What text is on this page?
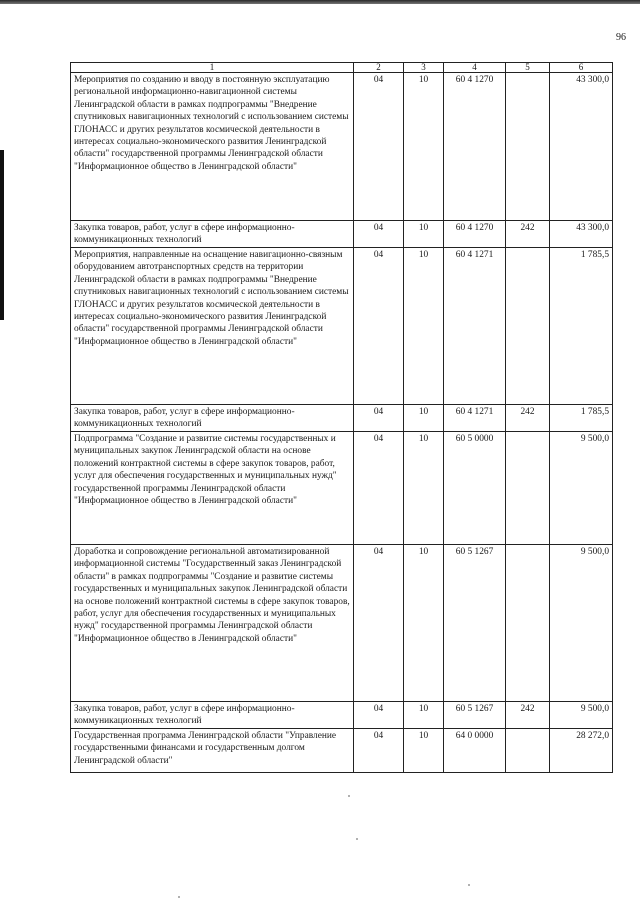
96
1	2	3	4	5	6
Мероприятия по созданию и вводу в постоянную эксплуатацию региональной информационно-навигационной системы Ленинградской области в рамках подпрограммы "Внедрение спутниковых навигационных технологий с использованием системы ГЛОНАСС и других результатов космической деятельности в интересах социально-экономического развития Ленинградской области" государственной программы Ленинградской области "Информационное общество в Ленинградской области"	04	10	60 4 1270		43 300,0
Закупка товаров, работ, услуг в сфере информационно-коммуникационных технологий	04	10	60 4 1270	242	43 300,0
Мероприятия, направленные на оснащение навигационно-связным оборудованием автотранспортных средств на территории Ленинградской области в рамках подпрограммы "Внедрение спутниковых навигационных технологий с использованием системы ГЛОНАСС и других результатов космической деятельности в интересах социально-экономического развития Ленинградской области" государственной программы Ленинградской области "Информационное общество в Ленинградской области"	04	10	60 4 1271		1 785,5
Закупка товаров, работ, услуг в сфере информационно-коммуникационных технологий	04	10	60 4 1271	242	1 785,5
Подпрограмма "Создание и развитие системы государственных и муниципальных закупок Ленинградской области на основе положений контрактной системы в сфере закупок товаров, работ, услуг для обеспечения государственных и муниципальных нужд" государственной программы Ленинградской области "Информационное общество в Ленинградской области"	04	10	60 5 0000		9 500,0
Доработка и сопровождение региональной автоматизированной информационной системы "Государственный заказ Ленинградской области" в рамках подпрограммы "Создание и развитие системы государственных и муниципальных закупок Ленинградской области на основе положений контрактной системы в сфере закупок товаров, работ, услуг для обеспечения государственных и муниципальных нужд" государственной программы Ленинградской области "Информационное общество в Ленинградской области"	04	10	60 5 1267		9 500,0
Закупка товаров, работ, услуг в сфере информационно-коммуникационных технологий	04	10	60 5 1267	242	9 500,0
Государственная программа Ленинградской области "Управление государственными финансами и государственным долгом Ленинградской области"	04	10	64 0 0000		28 272,0
